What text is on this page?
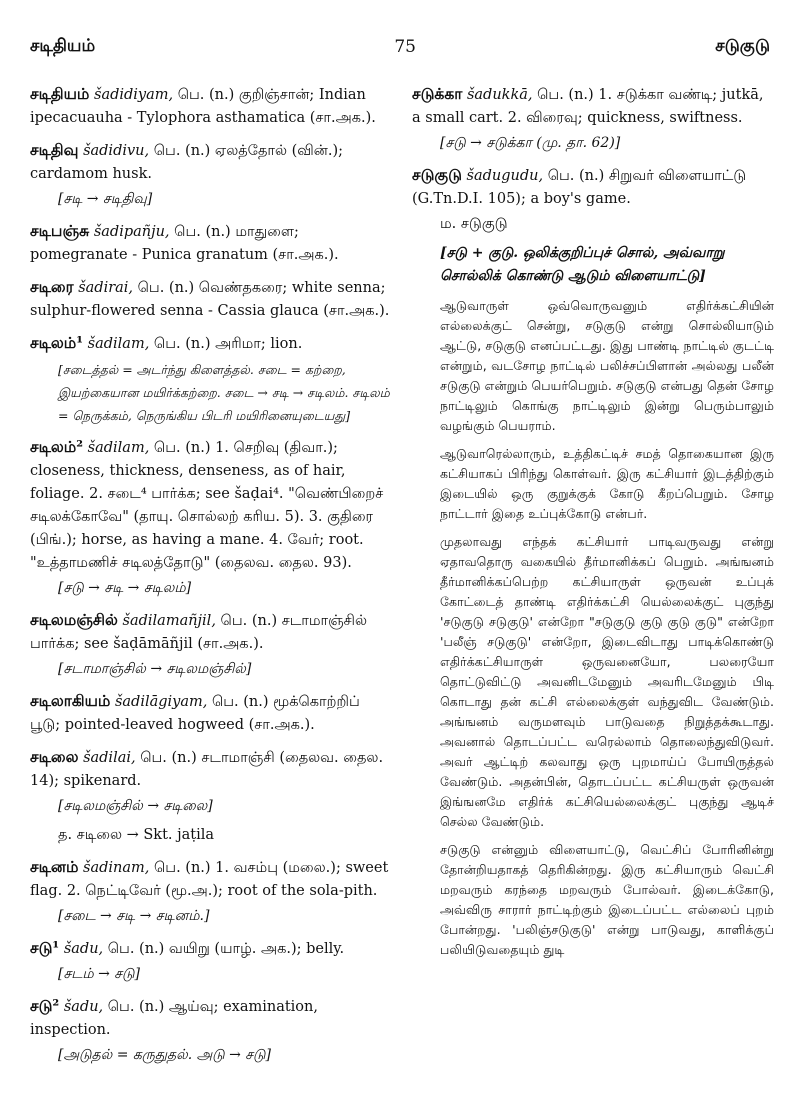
சடிதியம்	75	சடுகுடு
சடிதியம் šadidiyam, பெ. (n.) குறிஞ்சான்; Indian ipecacuauha - Tylophora asthamatica (சா.அக.).
சடிதிவு šadidivu, பெ. (n.) ஏலத்தோல் (வின்.); cardamom husk.
[சடி → சடிதிவு]
சடிபஞ்சு šadipañju, பெ. (n.) மாதுளை; pomegranate - Punica granatum (சா.அக.).
சடிரை šadirai, பெ. (n.) வெண்தகரை; white senna; sulphur-flowered senna - Cassia glauca (சா.அக.).
சடிலம்¹ šadilam, பெ. (n.) அரிமா; lion.
[சடைத்தல் = அடர்ந்து கிளைத்தல். சடை = கற்றை, இயற்கையான மயிர்க்கற்றை. சடை → சடி → சடிலம். சடிலம் = நெருக்கம், நெருங்கிய பிடரி மயிரினையுடையது]
சடிலம்² šadilam, பெ. (n.) 1. செறிவு (திவா.); closeness, thickness, denseness, as of hair, foliage. 2. சடை⁴ பார்க்க; see šaḍai⁴. "வெண்பிறைச் சடிலக்கோவே" (தாயு. சொல்லற் கரிய. 5). 3. குதிரை (பிங்.); horse, as having a mane. 4. வேர்; root. "உத்தாமணிச் சடிலத்தோடு" (தைலவ. தைல. 93).
[சடு → சடி → சடிலம்]
சடிலமஞ்சில் šadilamañjil, பெ. (n.) சடாமாஞ்சில் பார்க்க; see šaḍāmāñjil (சா.அக.).
[சடாமாஞ்சில் → சடிலமஞ்சில்]
சடிலாகியம் šadilāgiyam, பெ. (n.) மூக்கொற்றிப் பூடு; pointed-leaved hogweed (சா.அக.).
சடிலை šadilai, பெ. (n.) சடாமாஞ்சி (தைலவ. தைல. 14); spikenard.
[சடிலமஞ்சில் → சடிலை]
த. சடிலை → Skt. jaṭila
சடினம் šadinam, பெ. (n.) 1. வசம்பு (மலை.); sweet flag. 2. நெட்டிவேர் (மூ.அ.); root of the sola-pith.
[சடை → சடி → சடினம்.]
சடு¹ šadu, பெ. (n.) வயிறு (யாழ். அக.); belly.
[சடம் → சடு]
சடு² šadu, பெ. (n.) ஆய்வு; examination, inspection.
[அடுதல் = கருதுதல். அடு → சடு]
சடுக்கா šadukkā, பெ. (n.) 1. சடுக்கா வண்டி; jutkā, a small cart. 2. விரைவு; quickness, swiftness.
[சடு → சடுக்கா (மு. தா. 62)]
சடுகுடு šadugudu, பெ. (n.) சிறுவர் விளையாட்டு (G.Tn.D.I. 105); a boy's game.
ம. சடுகுடு
[சடு + குடு. ஒலிக்குறிப்புச் சொல், அவ்வாறு சொல்லிக் கொண்டு ஆடும் விளையாட்டு]

ஆடுவாருள் ஒவ்வொருவனும் எதிர்க்கட்சியின் எல்லைக்குட் சென்று, சடுகுடு என்று சொல்லியாடும் ஆட்டு, சடுகுடு எனப்பட்டது. இது பாண்டி நாட்டில் குடட்டி என்றும், வடசோழ நாட்டில் பலிச்சப்பிளான் அல்லது பலீன் சடுகுடு என்றும் பெயர்பெறும். சடுகுடு என்பது தென் சோழ நாட்டிலும் கொங்கு நாட்டிலும் இன்று பெரும்பாலும் வழங்கும் பெயராம்.

ஆடுவாரெல்லாரும், உத்திகட்டிச் சமத் தொகையான இரு கட்சியாகப் பிரிந்து கொள்வர். இரு கட்சியார் இடத்திற்கும் இடையில் ஒரு குறுக்குக் கோடு கீறப்பெறும். சோழ நாட்டார் இதை உப்புக்கோடு என்பர்.

முதலாவது எந்தக் கட்சியார் பாடிவருவது என்று ஏதாவதொரு வகையில் தீர்மானிக்கப் பெறும். அங்ஙனம் தீர்மானிக்கப்பெற்ற கட்சியாருள் ஒருவன் உப்புக் கோட்டைத் தாண்டி எதிர்க்கட்சி யெல்லைக்குட் புகுந்து 'சடுகுடு சடுகுடு' என்றோ "சடுகுடு குடு குடு குடு" என்றோ 'பலீஞ் சடுகுடு' என்றோ, இடைவிடாது பாடிக்கொண்டு எதிர்க்கட்சியாருள் ஒருவனையோ, பலரையோ தொட்டுவிட்டு அவனிடமேனும் அவரிடமேனும் பிடி கொடாது தன் கட்சி எல்லைக்குள் வந்துவிட வேண்டும். அங்ஙனம் வருமளவும் பாடுவதை நிறுத்தக்கூடாது. அவனால் தொடப்பட்ட வரெல்லாம் தொலைந்துவிடுவர். அவர் ஆட்டிற் கலவாது ஒரு புறமாய்ப் போயிருத்தல் வேண்டும். அதன்பின், தொடப்பட்ட கட்சியருள் ஒருவன் இங்ஙனமே எதிர்க் கட்சியெல்லைக்குட் புகுந்து ஆடிச் செல்ல வேண்டும்.

சடுகுடு என்னும் விளையாட்டு, வெட்சிப் போரினின்று தோன்றியதாகத் தெரிகின்றது. இரு கட்சியாரும் வெட்சி மறவரும் கரந்தை மறவரும் போல்வர். இடைக்கோடு, அவ்விரு சாரார் நாட்டிற்கும் இடைப்பட்ட எல்லைப் புறம் போன்றது. 'பலிஞ்சடுகுடு' என்று பாடுவது, காளிக்குப் பலியிடுவதையும் துடி
